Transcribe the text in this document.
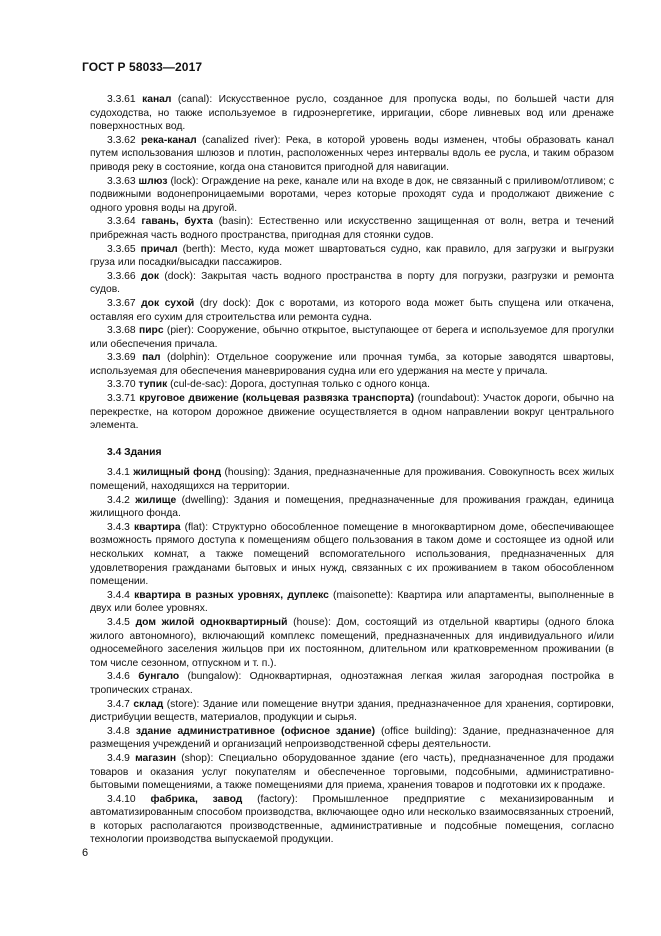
ГОСТ Р 58033—2017

3.3.61 канал (canal): Искусственное русло, созданное для пропуска воды, по большей части для судоходства, но также используемое в гидроэнергетике, ирригации, сборе ливневых вод или дренаже поверхностных вод.

3.3.62 река-канал (canalized river): Река, в которой уровень воды изменен, чтобы образовать канал путем использования шлюзов и плотин, расположенных через интервалы вдоль ее русла, и таким образом приводя реку в состояние, когда она становится пригодной для навигации.

3.3.63 шлюз (lock): Ограждение на реке, канале или на входе в док, не связанный с приливом/отливом; с подвижными водонепроницаемыми воротами, через которые проходят суда и продолжают движение с одного уровня воды на другой.

3.3.64 гавань, бухта (basin): Естественно или искусственно защищенная от волн, ветра и течений прибрежная часть водного пространства, пригодная для стоянки судов.

3.3.65 причал (berth): Место, куда может швартоваться судно, как правило, для загрузки и выгрузки груза или посадки/высадки пассажиров.

3.3.66 док (dock): Закрытая часть водного пространства в порту для погрузки, разгрузки и ремонта судов.

3.3.67 док сухой (dry dock): Док с воротами, из которого вода может быть спущена или откачена, оставляя его сухим для строительства или ремонта судна.

3.3.68 пирс (pier): Сооружение, обычно открытое, выступающее от берега и используемое для прогулки или обеспечения причала.

3.3.69 пал (dolphin): Отдельное сооружение или прочная тумба, за которые заводятся швартовы, используемая для обеспечения маневрирования судна или его удержания на месте у причала.

3.3.70 тупик (cul-de-sac): Дорога, доступная только с одного конца.

3.3.71 круговое движение (кольцевая развязка транспорта) (roundabout): Участок дороги, обычно на перекрестке, на котором дорожное движение осуществляется в одном направлении вокруг центрального элемента.

3.4 Здания

3.4.1 жилищный фонд (housing): Здания, предназначенные для проживания. Совокупность всех жилых помещений, находящихся на территории.

3.4.2 жилище (dwelling): Здания и помещения, предназначенные для проживания граждан, единица жилищного фонда.

3.4.3 квартира (flat): Структурно обособленное помещение в многоквартирном доме, обеспечивающее возможность прямого доступа к помещениям общего пользования в таком доме и состоящее из одной или нескольких комнат, а также помещений вспомогательного использования, предназначенных для удовлетворения гражданами бытовых и иных нужд, связанных с их проживанием в таком обособленном помещении.

3.4.4 квартира в разных уровнях, дуплекс (maisonette): Квартира или апартаменты, выполненные в двух или более уровнях.

3.4.5 дом жилой одноквартирный (house): Дом, состоящий из отдельной квартиры (одного блока жилого автономного), включающий комплекс помещений, предназначенных для индивидуального и/или односемейного заселения жильцов при их постоянном, длительном или кратковременном проживании (в том числе сезонном, отпускном и т. п.).

3.4.6 бунгало (bungalow): Одноквартирная, одноэтажная легкая жилая загородная постройка в тропических странах.

3.4.7 склад (store): Здание или помещение внутри здания, предназначенное для хранения, сортировки, дистрибуции веществ, материалов, продукции и сырья.

3.4.8 здание административное (офисное здание) (office building): Здание, предназначенное для размещения учреждений и организаций непроизводственной сферы деятельности.

3.4.9 магазин (shop): Специально оборудованное здание (его часть), предназначенное для продажи товаров и оказания услуг покупателям и обеспеченное торговыми, подсобными, административно-бытовыми помещениями, а также помещениями для приема, хранения товаров и подготовки их к продаже.

3.4.10 фабрика, завод (factory): Промышленное предприятие с механизированным и автоматизированным способом производства, включающее одно или несколько взаимосвязанных строений, в которых располагаются производственные, административные и подсобные помещения, согласно технологии производства выпускаемой продукции.

6
